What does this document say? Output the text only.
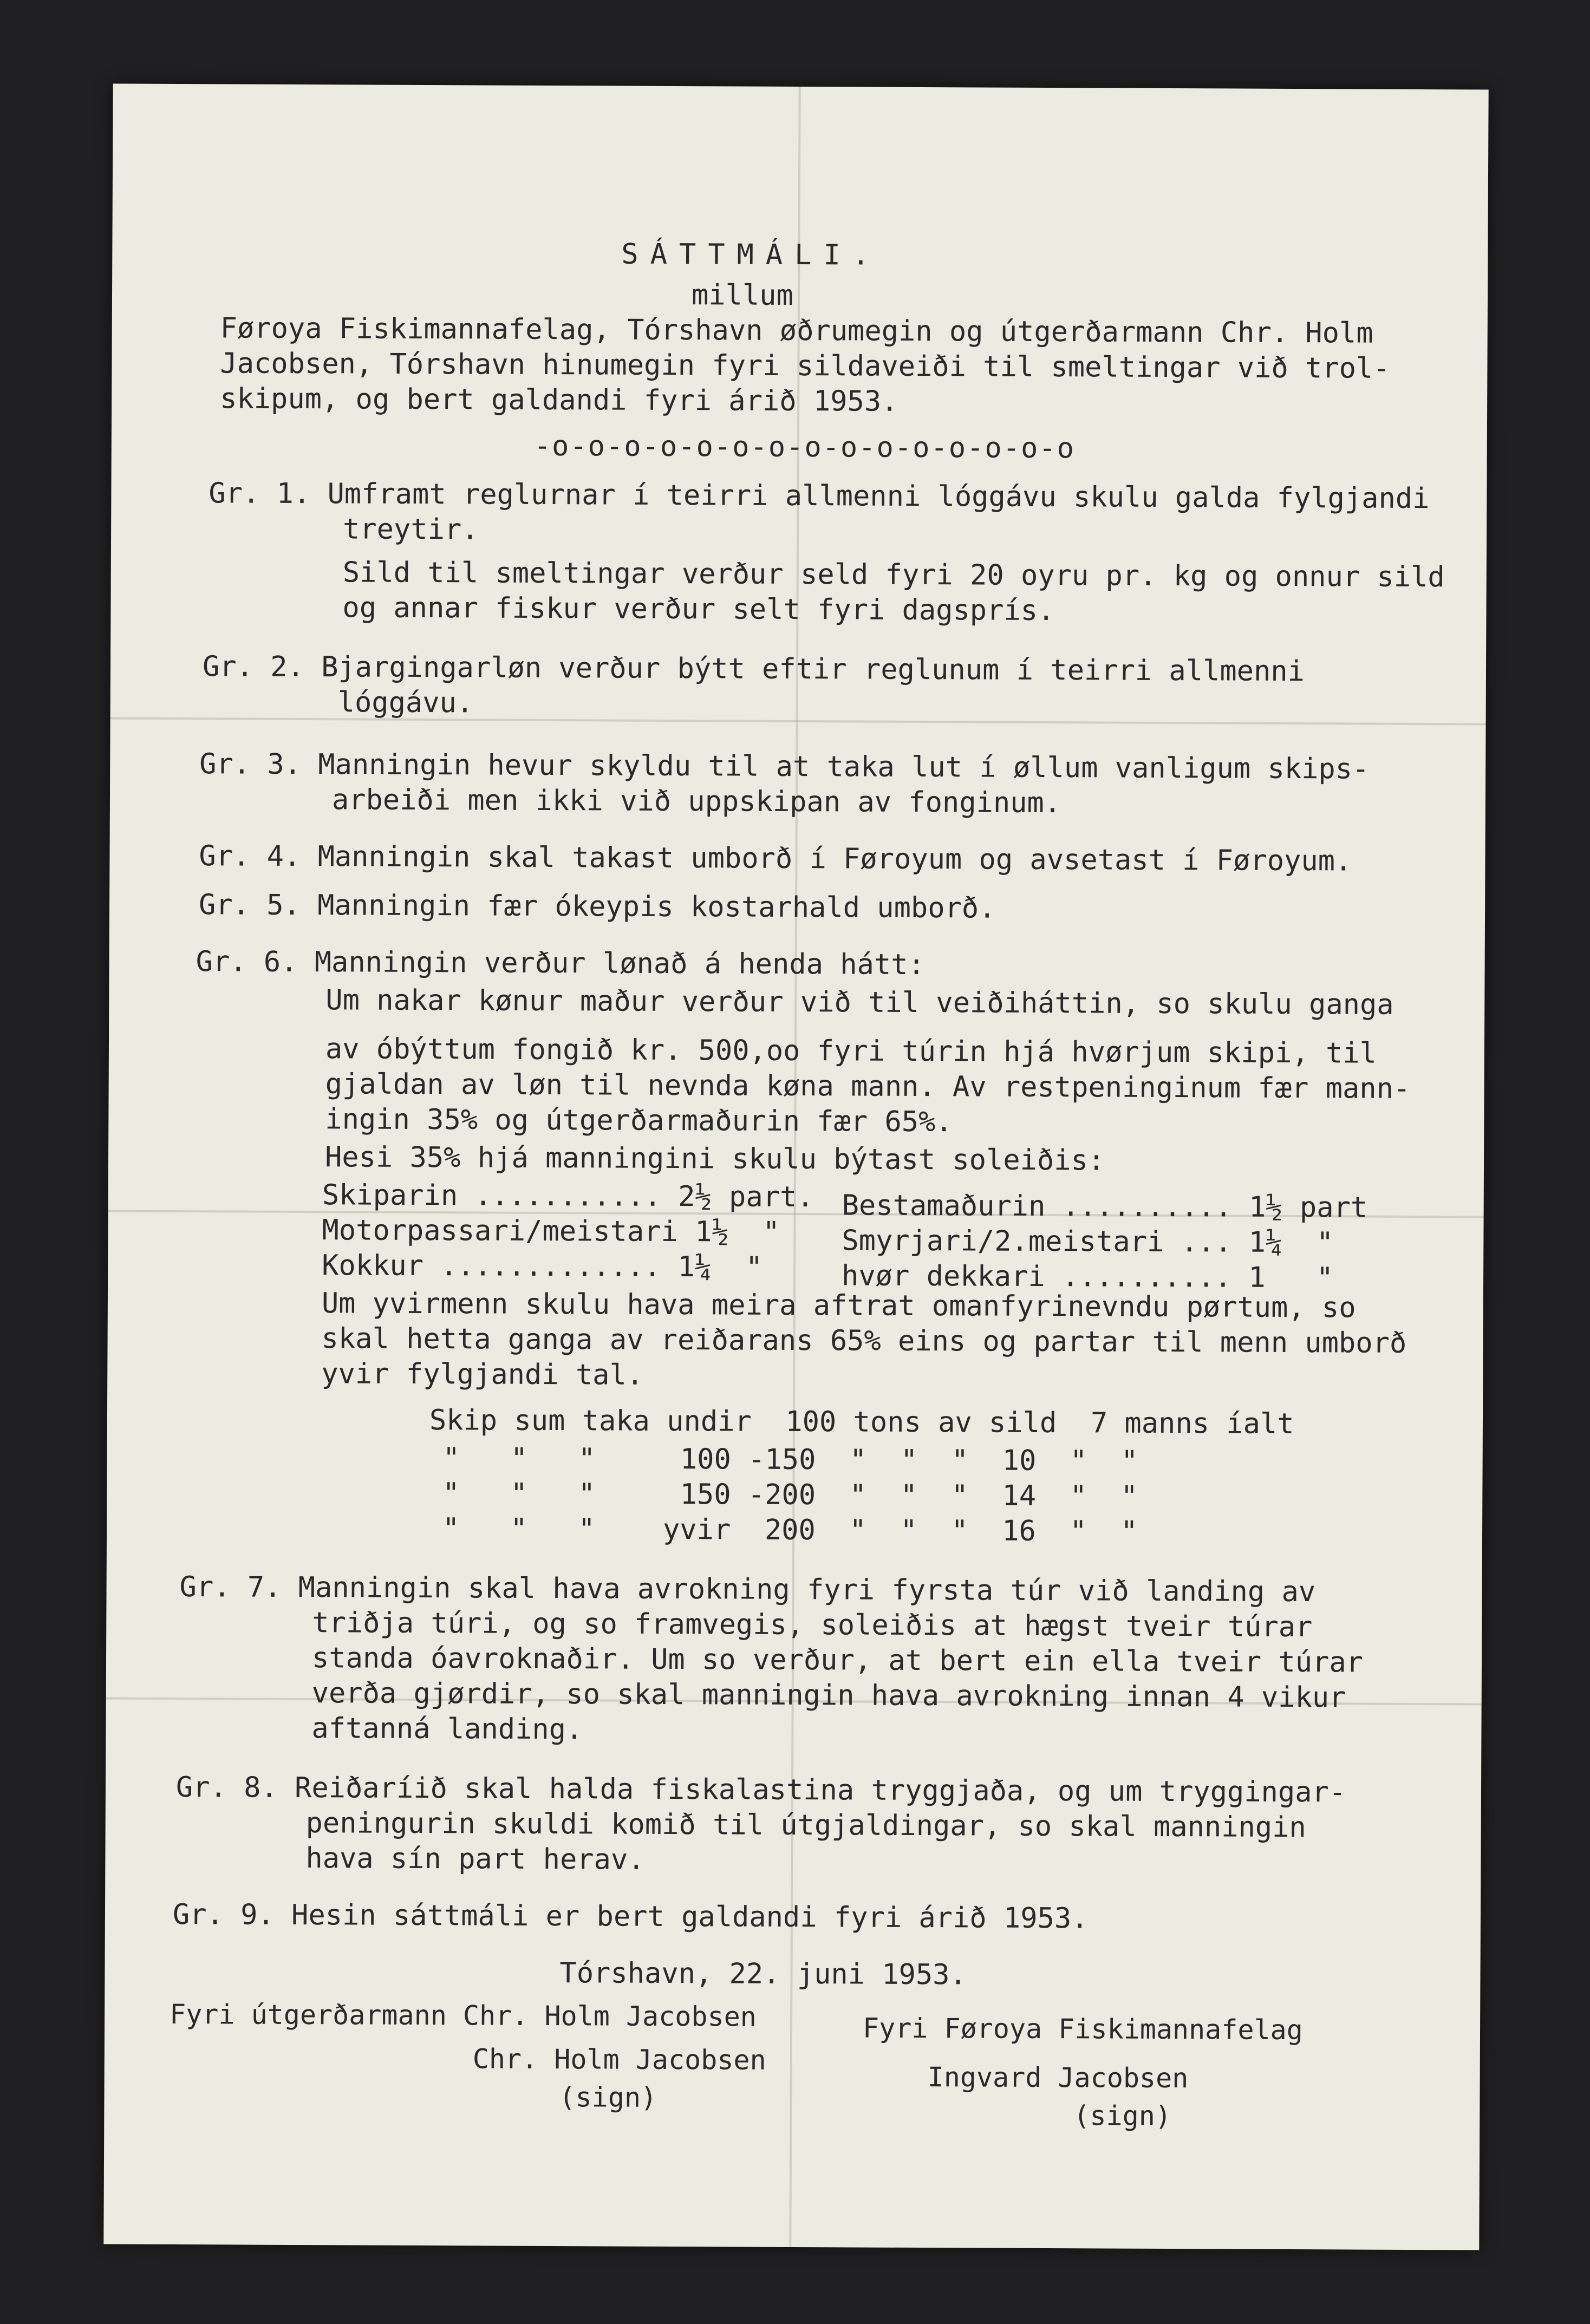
SÁTTMÁLI.
millum
Føroya Fiskimannafelag, Tórshavn øðrumegin og útgerðarmann Chr. Holm
Jacobsen, Tórshavn hinumegin fyri sildaveiði til smeltingar við trol-
skipum, og bert galdandi fyri árið 1953.
-o-o-o-o-o-o-o-o-o-o-o-o-o-o-o
Gr. 1. Umframt reglurnar í teirri allmenni lóggávu skulu galda fylgjandi
treytir.
Sild til smeltingar verður seld fyri 20 oyru pr. kg og onnur sild
og annar fiskur verður selt fyri dagsprís.
Gr. 2. Bjargingarløn verður býtt eftir reglunum í teirri allmenni
lóggávu.
Gr. 3. Manningin hevur skyldu til at taka lut í øllum vanligum skips-
arbeiði men ikki við uppskipan av fonginum.
Gr. 4. Manningin skal takast umborð í Føroyum og avsetast í Føroyum.
Gr. 5. Manningin fær ókeypis kostarhald umborð.
Gr. 6. Manningin verður lønað á henda hátt:
Um nakar kønur maður verður við til veiðiháttin, so skulu ganga
av óbýttum fongið kr. 500,oo fyri túrin hjá hvørjum skipi, til
gjaldan av løn til nevnda køna mann. Av restpeninginum fær mann-
ingin 35% og útgerðarmaðurin fær 65%.
Hesi 35% hjá manningini skulu býtast soleiðis:
Skiparin ........... 2½ part. Bestamaðurin .......... 1½ part
Motorpassari/meistari 1½  " Smyrjari/2.meistari ... 1¼  "
Kokkur ............. 1¼  "	hvør dekkari .......... 1   "
Um yvirmenn skulu hava meira aftrat omanfyrinevndu pørtum, so
skal hetta ganga av reiðarans 65% eins og partar til menn umborð
yvir fylgjandi tal.
Skip sum taka undir  100 tons av sild  7 manns íalt
"   "   "     100 -150  "  "  "  10  "  "
"   "   "     150 -200  "  "  "  14  "  "
"   "   "    yvir  200  "  "  "  16  "  "
Gr. 7. Manningin skal hava avrokning fyri fyrsta túr við landing av
triðja túri, og so framvegis, soleiðis at hægst tveir túrar
standa óavroknaðir. Um so verður, at bert ein ella tveir túrar
verða gjørdir, so skal manningin hava avrokning innan 4 vikur
aftanná landing.
Gr. 8. Reiðaríið skal halda fiskalastina tryggjaða, og um tryggingar-
peningurin skuldi komið til útgjaldingar, so skal manningin
hava sín part herav.
Gr. 9. Hesin sáttmáli er bert galdandi fyri árið 1953.
Tórshavn, 22. juni 1953.
Fyri útgerðarmann Chr. Holm Jacobsen
Chr. Holm Jacobsen
(sign)
Fyri Føroya Fiskimannafelag
Ingvard Jacobsen
(sign)
